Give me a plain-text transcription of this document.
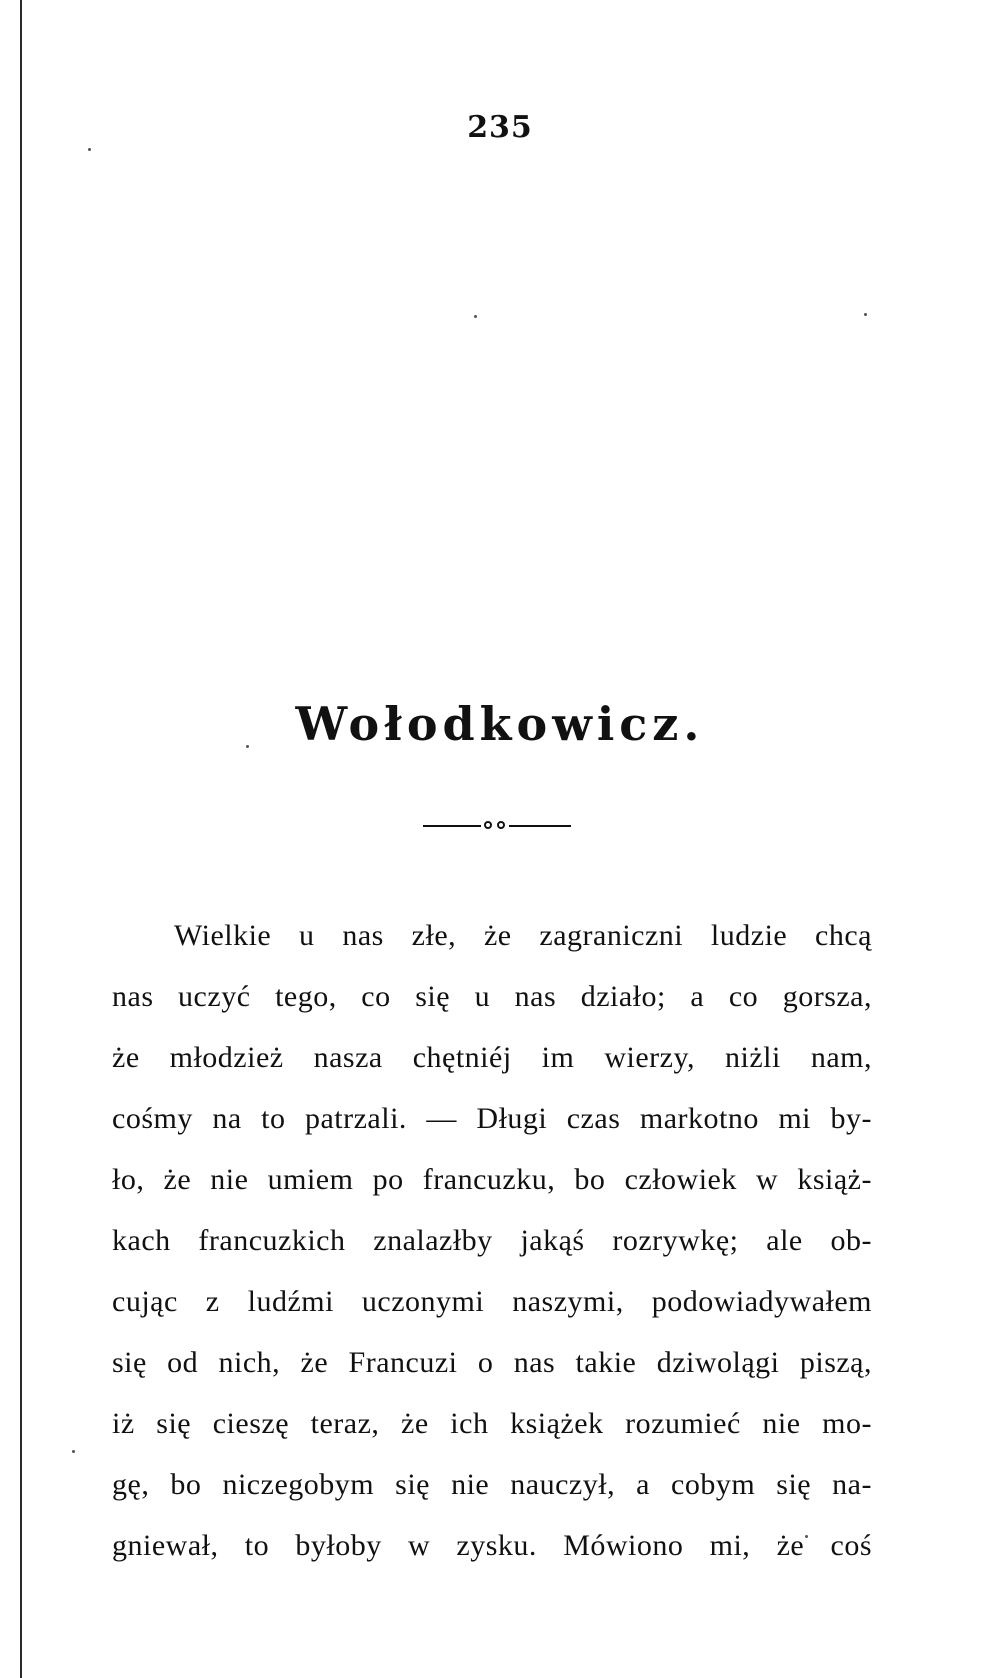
235
Wołodkowicz.
Wielkie u nas złe, że zagraniczni ludzie chcą
nas uczyć tego, co się u nas działo; a co gorsza,
że młodzież nasza chętniéj im wierzy, niżli nam,
cośmy na to patrzali. — Długi czas markotno mi by-
ło, że nie umiem po francuzku, bo człowiek w książ-
kach francuzkich znalazłby jakąś rozrywkę; ale ob-
cując z ludźmi uczonymi naszymi, podowiadywałem
się od nich, że Francuzi o nas takie dziwolągi piszą,
iż się cieszę teraz, że ich książek rozumieć nie mo-
gę, bo niczegobym się nie nauczył, a cobym się na-
gniewał, to byłoby w zysku. Mówiono mi, że coś
